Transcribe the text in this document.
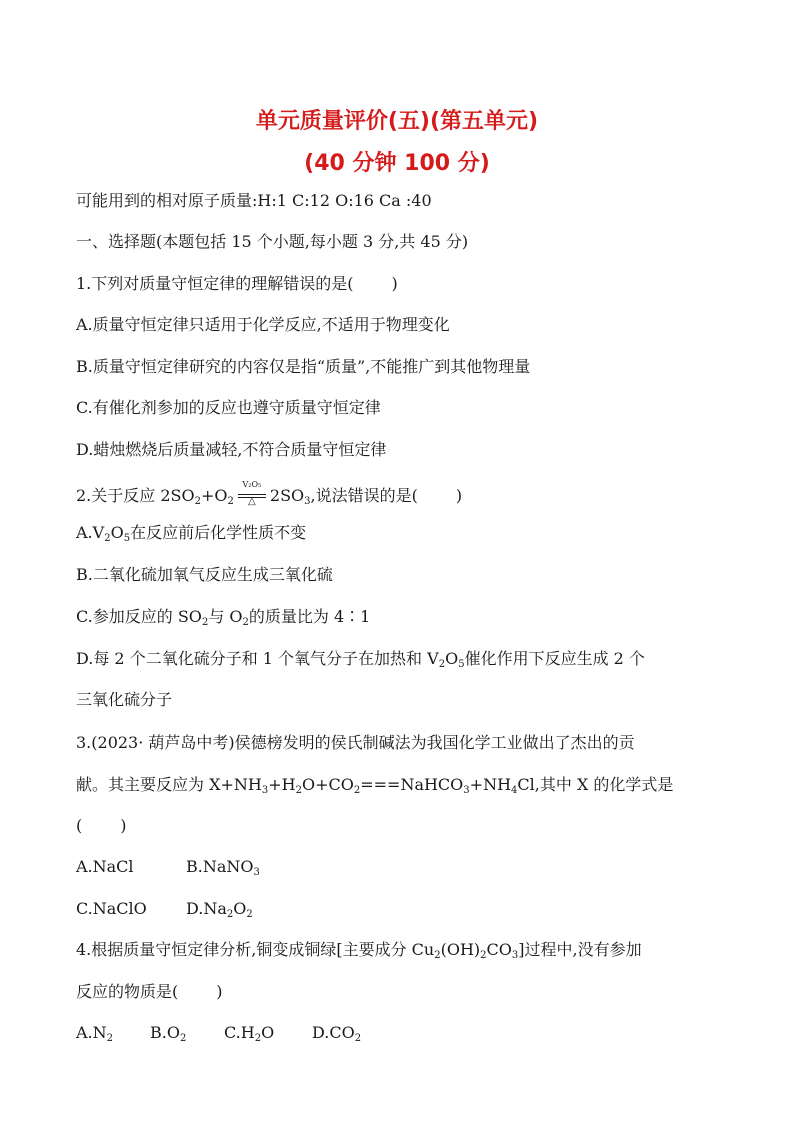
单元质量评价(五)(第五单元)
(40 分钟 100 分)
可能用到的相对原子质量:H:1 C:12 O:16 Ca :40
一、选择题(本题包括 15 个小题,每小题 3 分,共 45 分)
1.下列对质量守恒定律的理解错误的是( )
A.质量守恒定律只适用于化学反应,不适用于物理变化
B.质量守恒定律研究的内容仅是指“质量”,不能推广到其他物理量
C.有催化剂参加的反应也遵守质量守恒定律
D.蜡烛燃烧后质量减轻,不符合质量守恒定律
2.关于反应 $2SO_2+O_2$
V₂O₅
△ $2SO_3$,说法错误的是( )
$A.V_2O_5$在反应前后化学性质不变
B.二氧化硫加氧气反应生成三氧化硫
C.参加反应的 $SO_2$与 $O_2$的质量比为 4∶1
D.每 2 个二氧化硫分子和 1 个氧气分子在加热和 $V_2O_5$催化作用下反应生成 2 个
三氧化硫分子
3.(2023· 葫芦岛中考)侯德榜发明的侯氏制碱法为我国化学工业做出了杰出的贡
献。其主要反应为 $X+NH_3+H_2O+CO_2===NaHCO_3+NH_4Cl$,其中 X 的化学式是
( )
A.NaCl	B.NaNO$_3$
C.NaClO $D.Na_2O_2$
4.根据质量守恒定律分析,铜变成铜绿[主要成分 $Cu_2(OH)_2CO_3$]过程中,没有参加
反应的物质是( )
$A.N_2$ $B.O_2$ $C.H_2O$ $D.CO_2$
